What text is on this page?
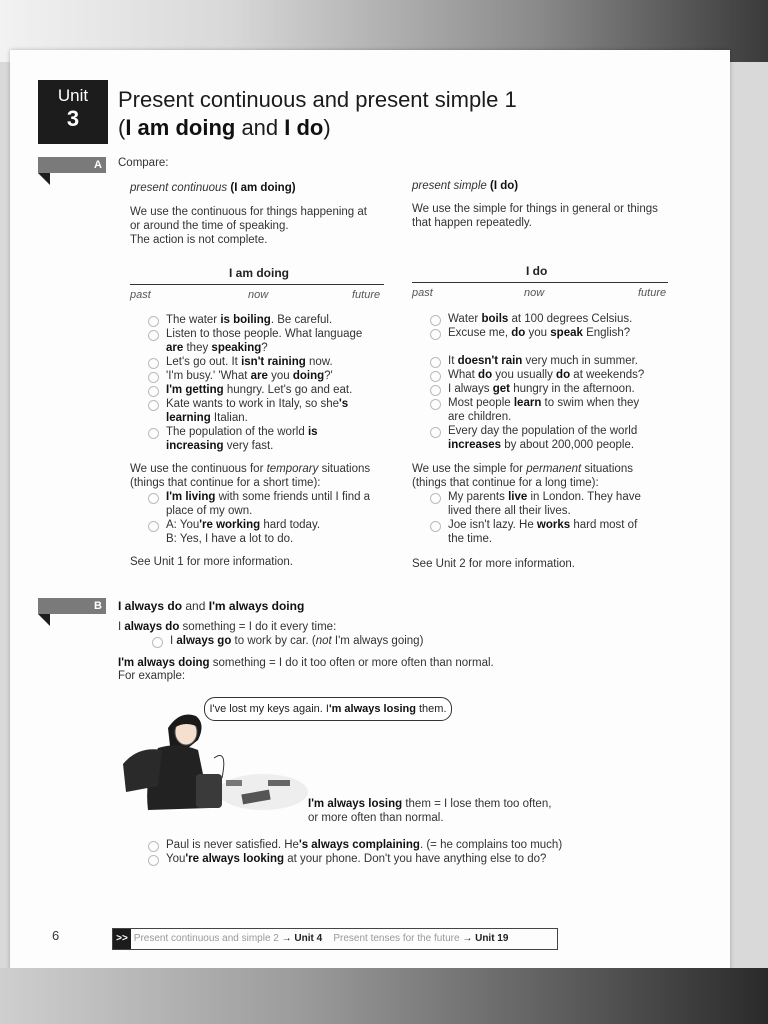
Unit
3
Present continuous and present simple 1
(I am doing and I do)
A	Compare:
present continuous (I am doing)
We use the continuous for things happening at
or around the time of speaking.
The action is not complete.
I am doing
past	now	future
The water is boiling. Be careful.
Listen to those people. What language
are they speaking?
Let's go out. It isn't raining now.
'I'm busy.' 'What are you doing?'
I'm getting hungry. Let's go and eat.
Kate wants to work in Italy, so she's
learning Italian.
The population of the world is
increasing very fast.
We use the continuous for temporary situations
(things that continue for a short time):
I'm living with some friends until I find a
place of my own.
A: You're working hard today.
B: Yes, I have a lot to do.
See Unit 1 for more information.
present simple (I do)
We use the simple for things in general or things
that happen repeatedly.
I do
past	now	future
Water boils at 100 degrees Celsius.
Excuse me, do you speak English?
It doesn't rain very much in summer.
What do you usually do at weekends?
I always get hungry in the afternoon.
Most people learn to swim when they
are children.
Every day the population of the world
increases by about 200,000 people.
We use the simple for permanent situations
(things that continue for a long time):
My parents live in London. They have
lived there all their lives.
Joe isn't lazy. He works hard most of
the time.
See Unit 2 for more information.
B	I always do and I'm always doing
I always do something = I do it every time:
I always go to work by car. (not I'm always going)
I'm always doing something = I do it too often or more often than normal.
For example:
I've lost my keys again. I'm always losing them.
I'm always losing them = I lose them too often,
or more often than normal.
Paul is never satisfied. He's always complaining. (= he complains too much)
You're always looking at your phone. Don't you have anything else to do?
6	>> Present continuous and simple 2 → Unit 4 Present tenses for the future → Unit 19
